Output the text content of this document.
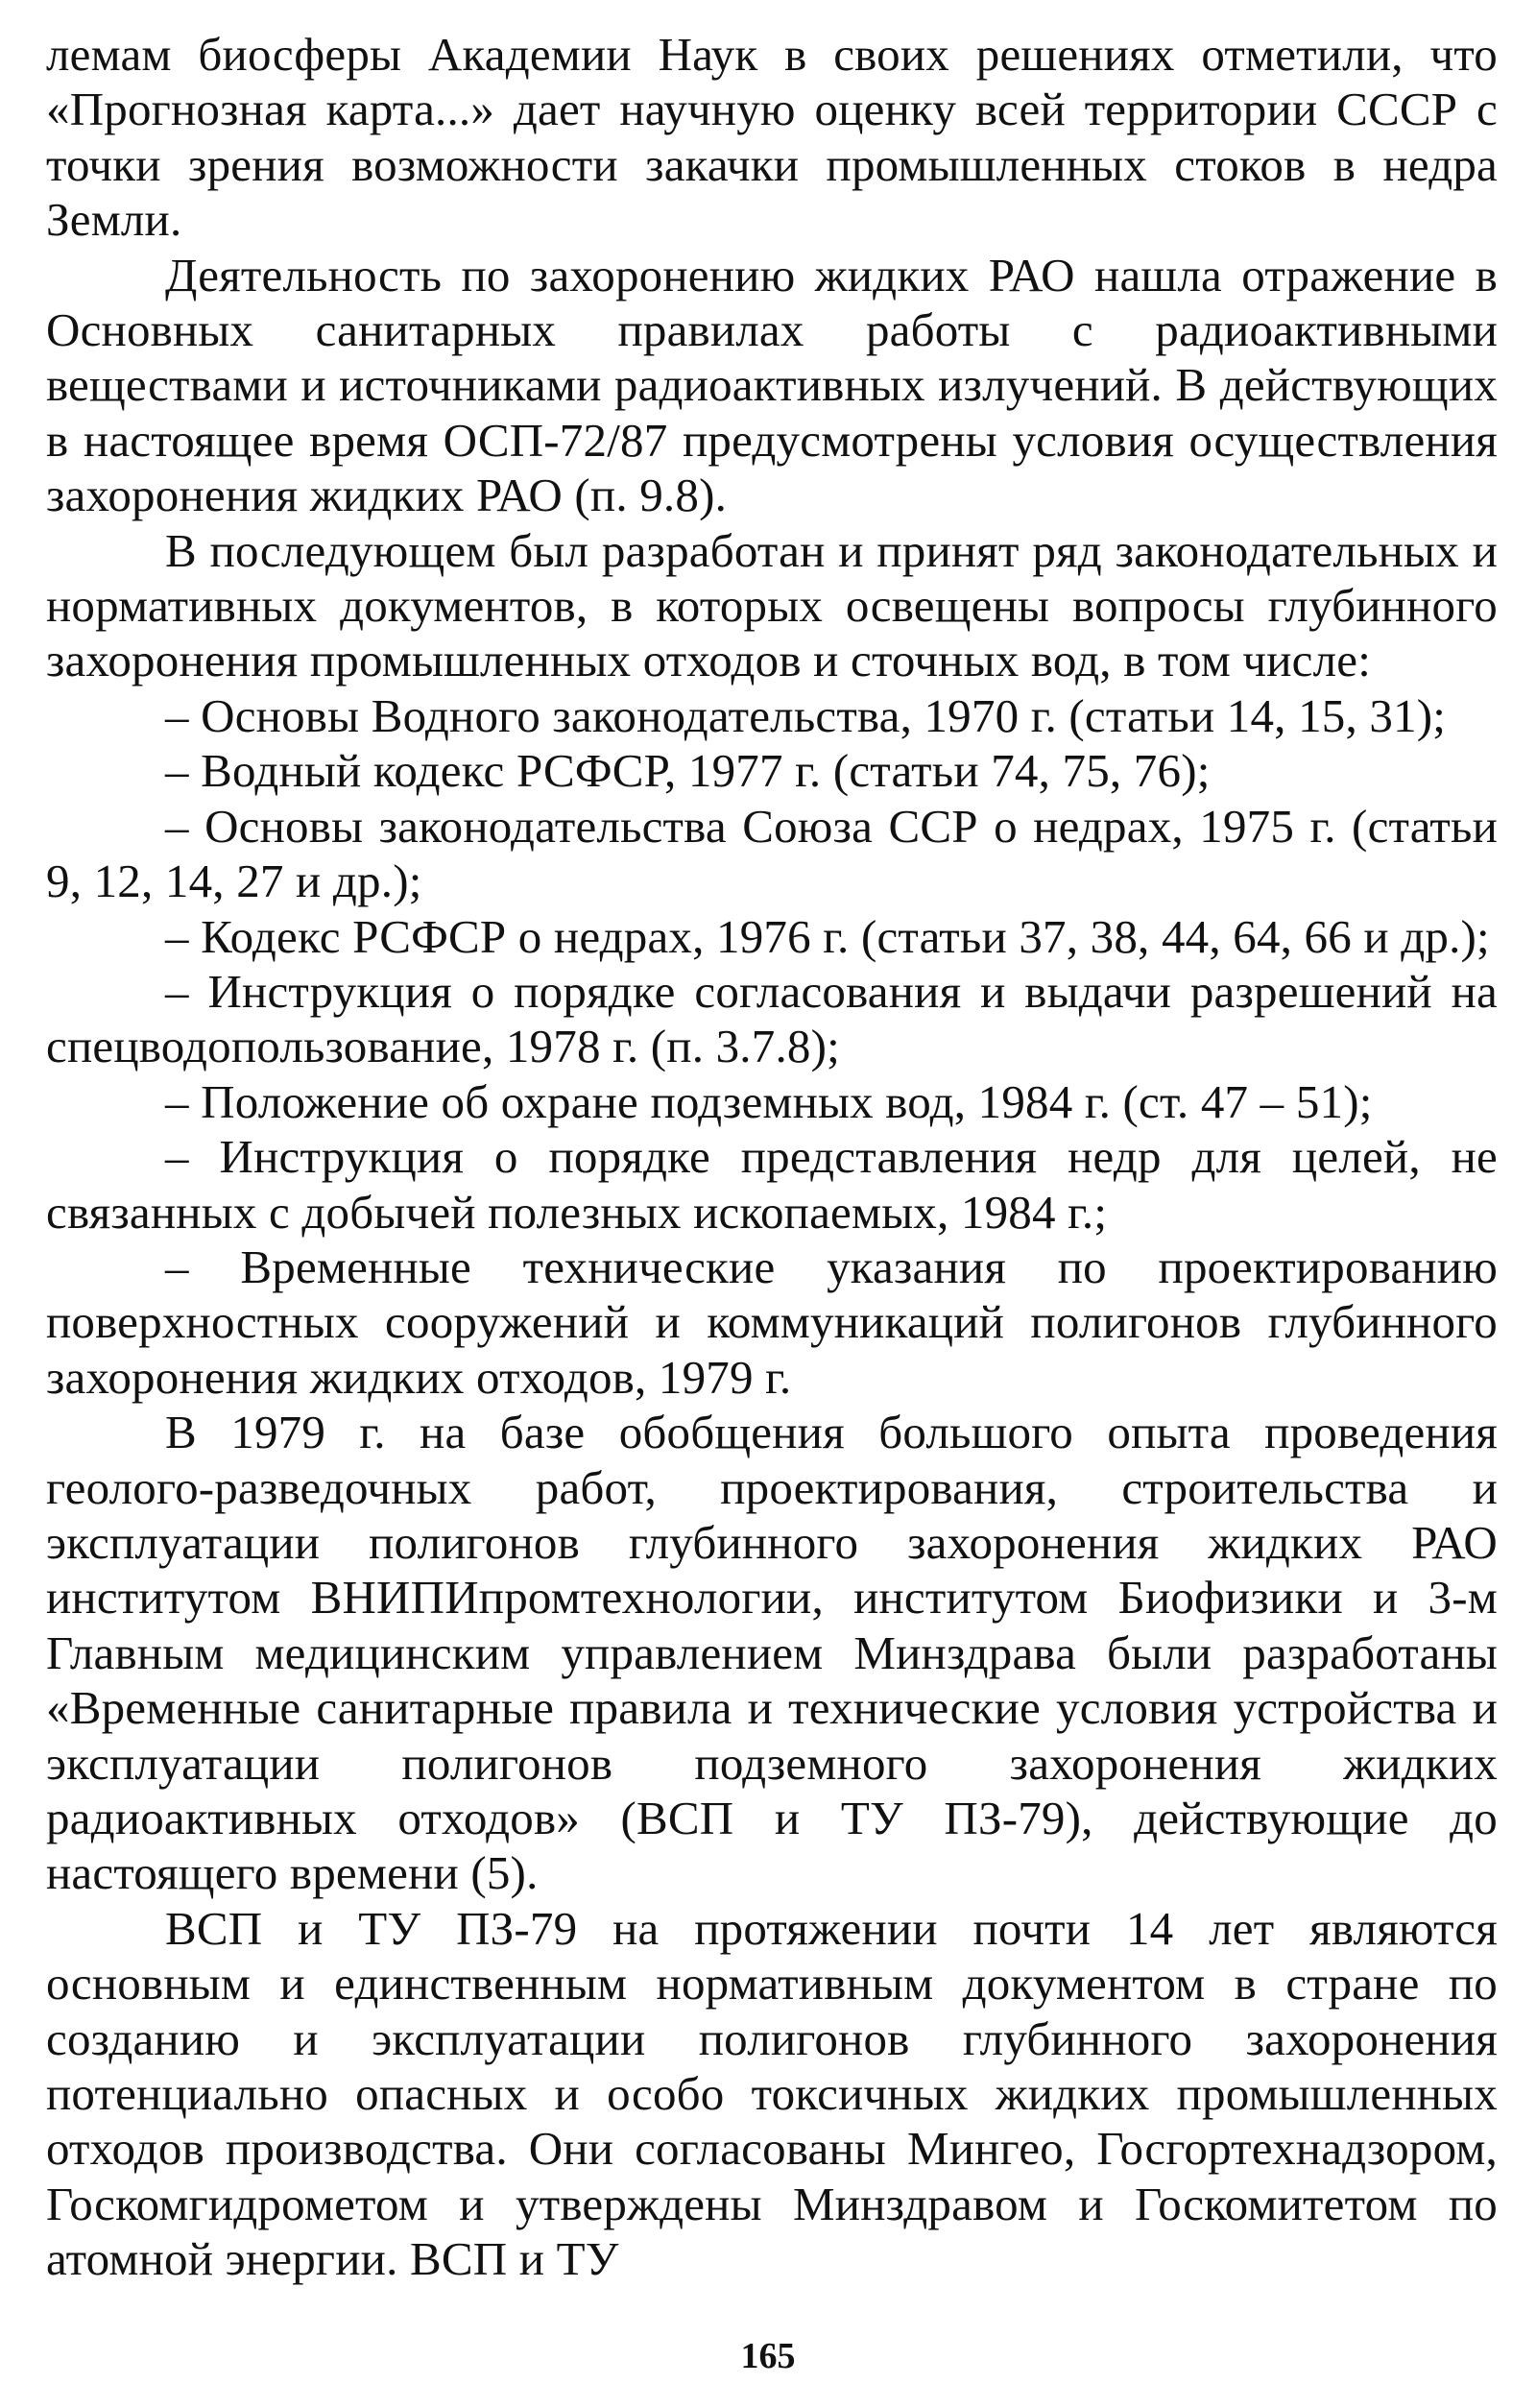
лемам биосферы Академии Наук в своих решениях отметили, что «Прогнозная карта...» дает научную оценку всей территории СССР с точки зрения возможности закачки промышленных стоков в недра Земли.

Деятельность по захоронению жидких РАО нашла отражение в Основных санитарных правилах работы с радиоактивными веществами и источниками радиоактивных излучений. В действующих в настоящее время ОСП-72/87 предусмотрены условия осуществления захоронения жидких РАО (п. 9.8).

В последующем был разработан и принят ряд законодательных и нормативных документов, в которых освещены вопросы глубинного захоронения промышленных отходов и сточных вод, в том числе:

– Основы Водного законодательства, 1970 г. (статьи 14, 15, 31);

– Водный кодекс РСФСР, 1977 г. (статьи 74, 75, 76);

– Основы законодательства Союза ССР о недрах, 1975 г. (статьи 9, 12, 14, 27 и др.);

– Кодекс РСФСР о недрах, 1976 г. (статьи 37, 38, 44, 64, 66 и др.);

– Инструкция о порядке согласования и выдачи разрешений на спецводопользование, 1978 г. (п. 3.7.8);

– Положение об охране подземных вод, 1984 г. (ст. 47 – 51);

– Инструкция о порядке представления недр для целей, не связанных с добычей полезных ископаемых, 1984 г.;

– Временные технические указания по проектированию поверхностных сооружений и коммуникаций полигонов глубинного захоронения жидких отходов, 1979 г.

В 1979 г. на базе обобщения большого опыта проведения геолого-разведочных работ, проектирования, строительства и эксплуатации полигонов глубинного захоронения жидких РАО институтом ВНИПИпромтехнологии, институтом Биофизики и 3-м Главным медицинским управлением Минздрава были разработаны «Временные санитарные правила и технические условия устройства и эксплуатации полигонов подземного захоронения жидких радиоактивных отходов» (ВСП и ТУ ПЗ-79), действующие до настоящего времени (5).

ВСП и ТУ ПЗ-79 на протяжении почти 14 лет являются основным и единственным нормативным документом в стране по созданию и эксплуатации полигонов глубинного захоронения потенциально опасных и особо токсичных жидких промышленных отходов производства. Они согласованы Мингео, Госгортехнадзором, Госкомгидрометом и утверждены Минздравом и Госкомитетом по атомной энергии. ВСП и ТУ

165
